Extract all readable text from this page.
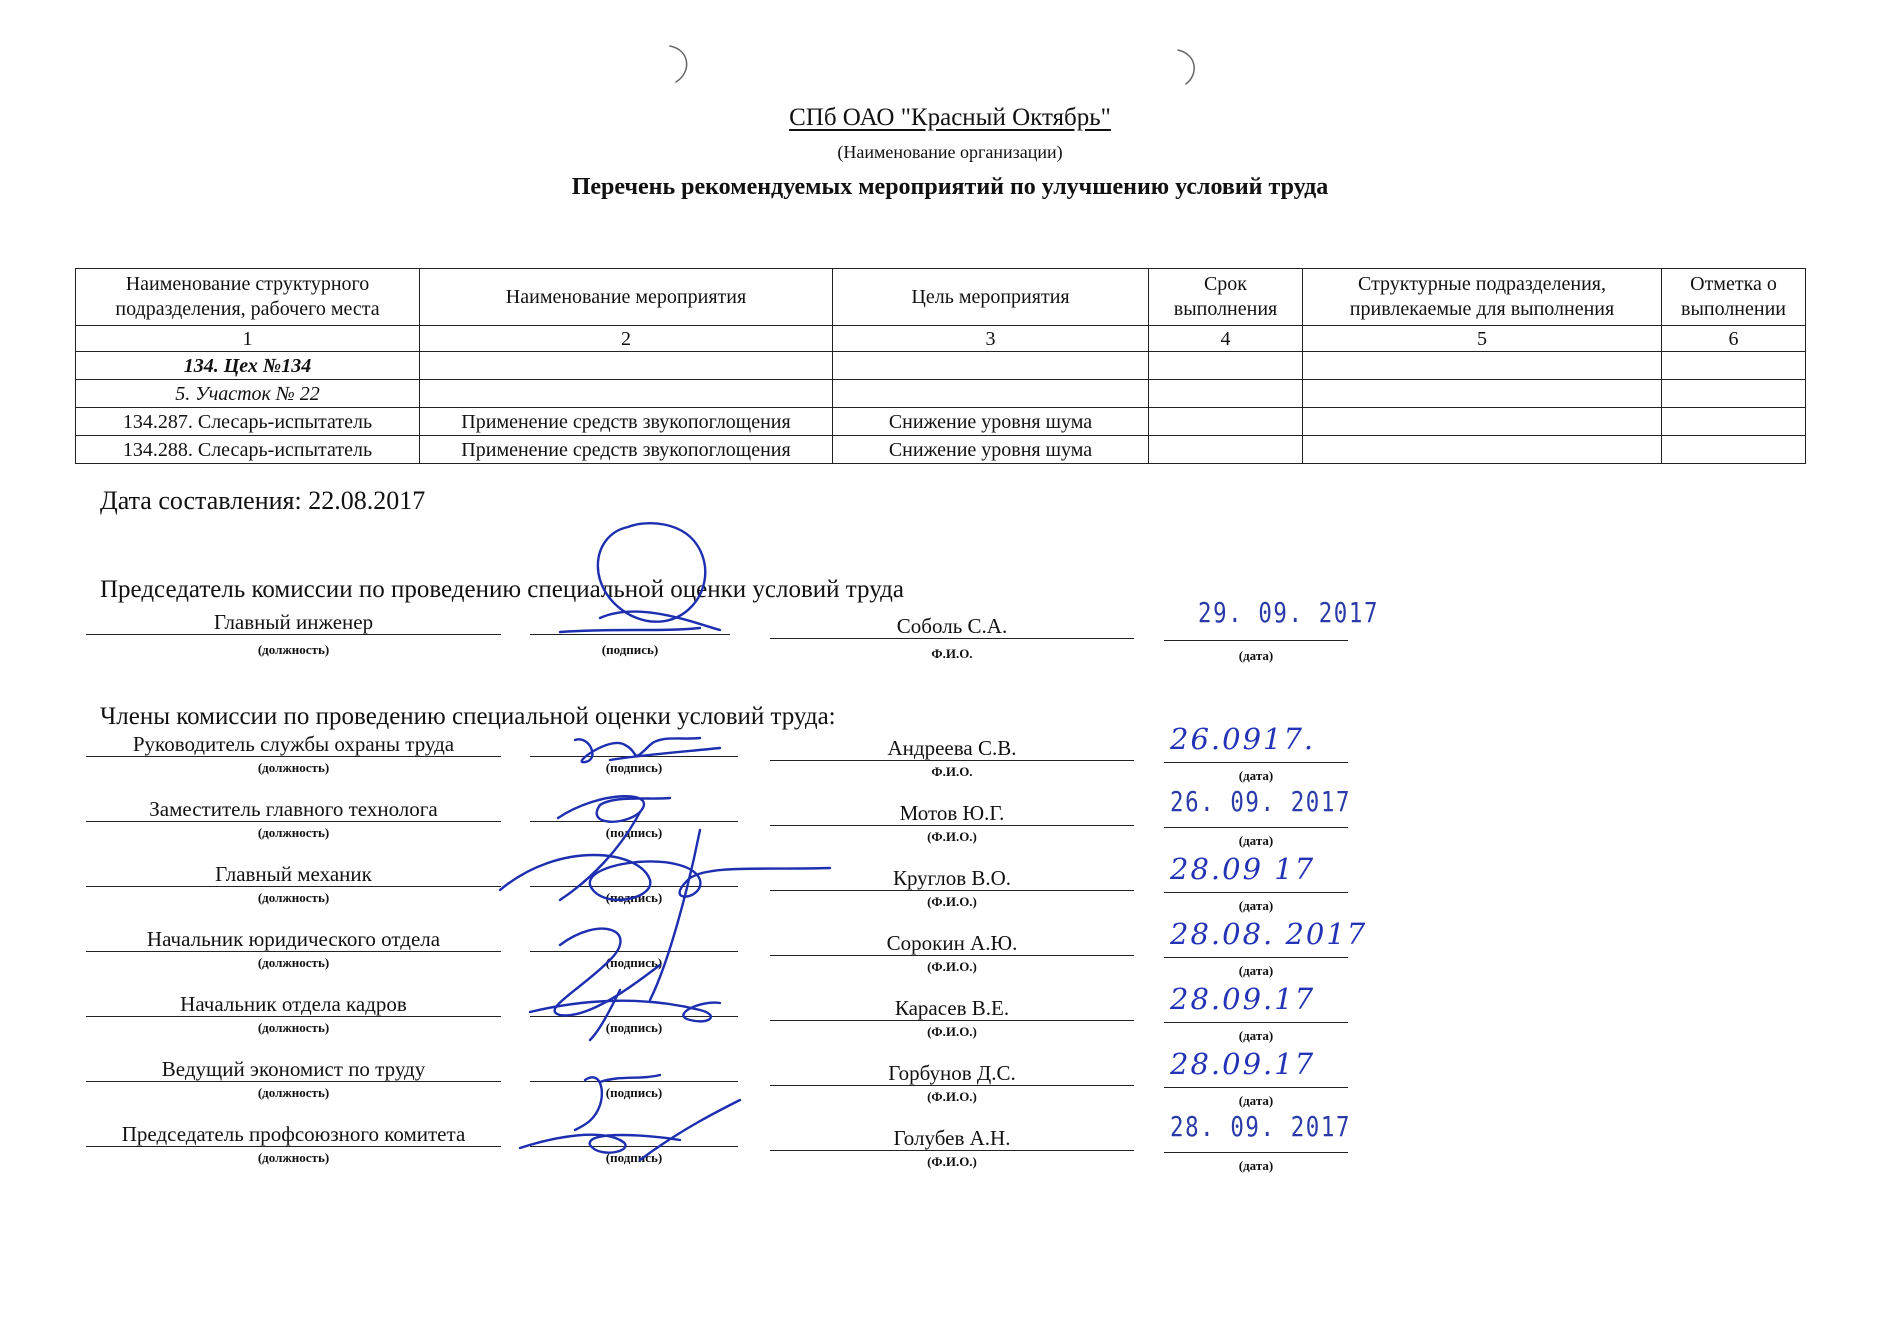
СПб ОАО "Красный Октябрь"
(Наименование организации)
Перечень рекомендуемых мероприятий по улучшению условий труда
Наименование структурного подразделения, рабочего места	Наименование мероприятия	Цель мероприятия	Срок выполнения	Структурные подразделения, привлекаемые для выполнения	Отметка о выполнении
1	2	3	4	5	6
134. Цех №134					
5. Участок № 22					
134.287. Слесарь-испытатель	Применение средств звукопоглощения	Снижение уровня шума			
134.288. Слесарь-испытатель	Применение средств звукопоглощения	Снижение уровня шума			
Дата составления: 22.08.2017
Председатель комиссии по проведению специальной оценки условий труда
Главный инженер
(должность)	(подпись)
Соболь С.А.
Ф.И.О.
29. 09. 2017
(дата)
Члены комиссии по проведению специальной оценки условий труда:
Руководитель службы охраны труда
(должность)	(подпись)
Андреева С.В.
Ф.И.О.
26.0917.
(дата)
Заместитель главного технолога
(должность)	(подпись)
Мотов Ю.Г.
(Ф.И.О.)
26. 09. 2017
(дата)
Главный механик
(должность)	(подпись)
Круглов В.О.
(Ф.И.О.)
28.09 17
(дата)
Начальник юридического отдела
(должность)	(подпись)
Сорокин А.Ю.
(Ф.И.О.)
28.08. 2017
(дата)
Начальник отдела кадров
(должность)	(подпись)
Карасев В.Е.
(Ф.И.О.)
28.09.17
(дата)
Ведущий экономист по труду
(должность)	(подпись)
Горбунов Д.С.
(Ф.И.О.)
28.09.17
(дата)
Председатель профсоюзного комитета
(должность)	(подпись)
Голубев А.Н.
(Ф.И.О.)
28. 09. 2017
(дата)
